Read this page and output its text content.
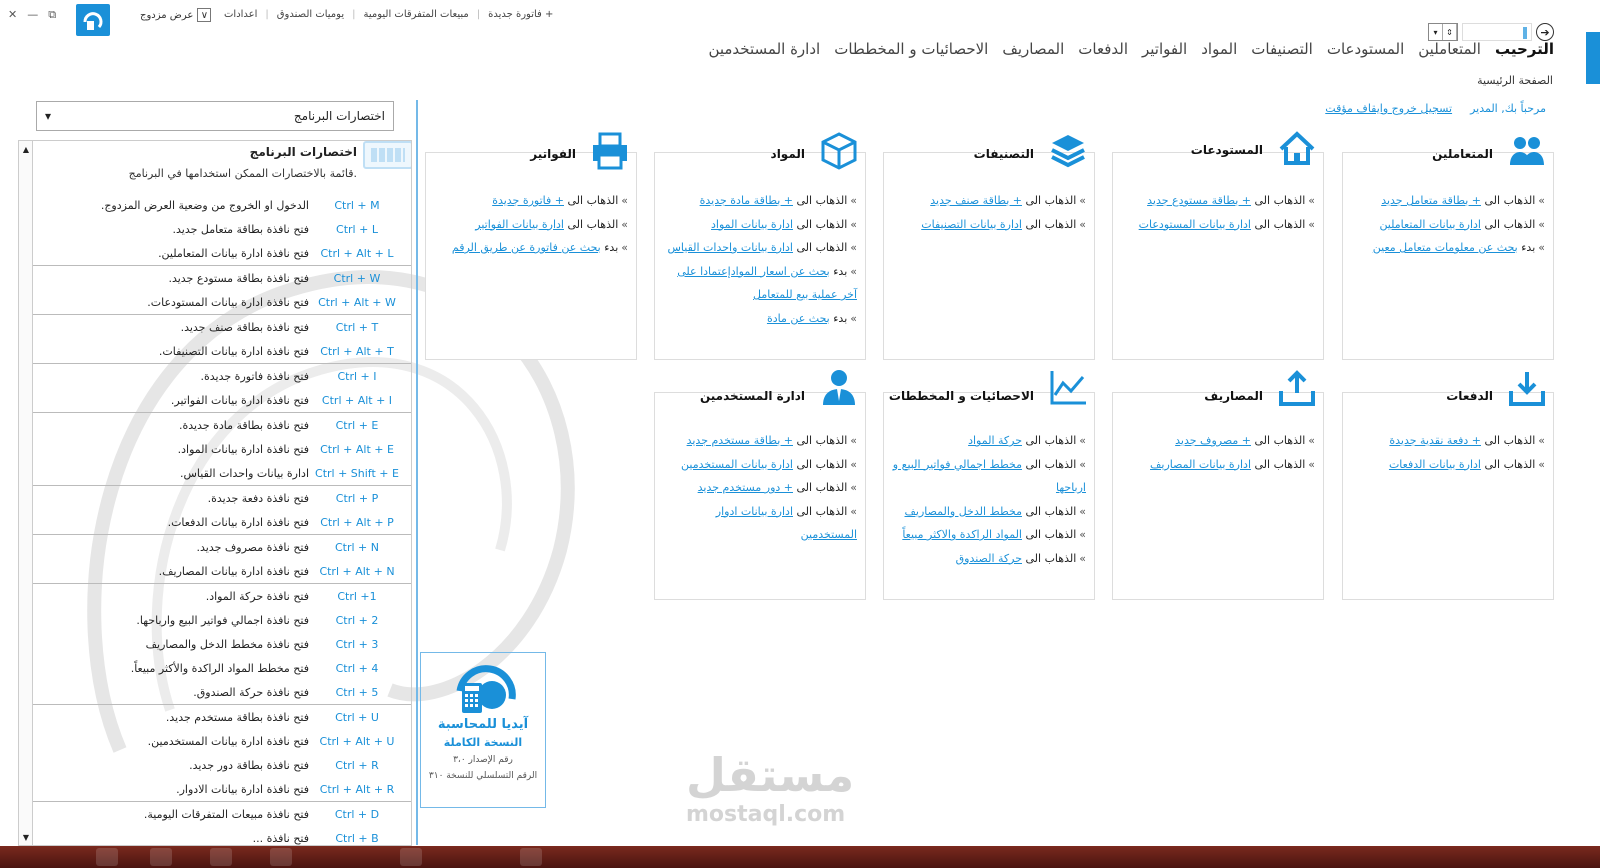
✕ — ⧉	عرض مزدوج ∨	+ فاتورة جديدة
|
مبيعات المتفرقات اليومية
|
يوميات الصندوق
|
اعدادات
▾	⇕	➔
الترحيب
المتعاملين
المستودعات
التصنيفات
المواد
الفواتير
الدفعات
المصاريف
الاحصائيات و المخططات
ادارة المستخدمين
الصفحة الرئيسية
مرحباً بك, المدير
تسجيل خروج وايقاف مؤقت
مستقل
mostaql.com
اختصارات البرنامج
▾
▲
▼
اختصارات البرنامج
قائمة بالاختصارات الممكن استخدامها في البرنامج.
الدخول او الخروج من وضعية العرض المزدوج.	Ctrl + M
فتح نافذة بطاقة متعامل جديد.	Ctrl + L
فتح نافذة ادارة بيانات المتعاملين.	Ctrl + Alt + L
فتح نافذة بطاقة مستودع جديد.	Ctrl + W
فتح نافذة ادارة بيانات المستودعات. Ctrl + Alt + W
فتح نافذة بطاقة صنف جديد.	Ctrl + T
فتح نافذة ادارة بيانات التصنيفات.	Ctrl + Alt + T
فتح نافذة فاتورة جديدة.	Ctrl + I
فتح نافذة ادارة بيانات الفواتير.	Ctrl + Alt + I
فتح نافذة بطاقة مادة جديدة.	Ctrl + E
فتح نافذة ادارة بيانات المواد.	Ctrl + Alt + E
ادارة بيانات واحدات القياس. Ctrl + Shift + E
فتح نافذة دفعة جديدة.	Ctrl + P
فتح نافذة ادارة بيانات الدفعات.	Ctrl + Alt + P
فتح نافذة مصروف جديد.	Ctrl + N
فتح نافذة ادارة بيانات المصاريف. Ctrl + Alt + N
فتح نافذة حركة المواد.	Ctrl +1
فتح نافذة اجمالي فواتير البيع وارباحها.	Ctrl + 2
فتح نافذة مخطط الدخل والمصاريف	Ctrl + 3
فتح مخطط المواد الراكدة والأكثر مبيعاً.	Ctrl + 4
فتح نافذة حركة الصندوق.	Ctrl + 5
فتح نافذة بطاقة مستخدم جديد.	Ctrl + U
فتح نافذة ادارة بيانات المستخدمين. Ctrl + Alt + U
فتح نافذة بطاقة دور جديد.	Ctrl + R
فتح نافذة ادارة بيانات الادوار. Ctrl + Alt + R
فتح نافذة مبيعات المتفرقات اليومية.	Ctrl + D
فتح نافذة ...	Ctrl + B
آيديا للمحاسبة
النسخة الكاملة
رقم الإصدار ٣،٠
الرقم التسلسلي للنسخة ٣١٠
المتعاملين
»الذهاب الى + بطاقة متعامل جديد
»الذهاب الى ادارة بيانات المتعاملين
»بدء بحث عن معلومات متعامل معين
المستودعات
»الذهاب الى + بطاقة مستودع جديد
»الذهاب الى ادارة بيانات المستودعات
التصنيفات
»الذهاب الى + بطاقة صنف جديد
»الذهاب الى ادارة بيانات التصنيفات
المواد
»الذهاب الى + بطاقة مادة جديدة
»الذهاب الى ادارة بيانات المواد
»الذهاب الى ادارة بيانات واحدات القياس
»بدء بحث عن اسعار الموادإعتمادا على آخر عملية بيع للمتعامل
»بدء بحث عن مادة
الفواتير
»الذهاب الى + فاتورة جديدة
»الذهاب الى ادارة بيانات الفواتير
»بدء بحث عن فاتورة عن طريق الرقم
الدفعات
»الذهاب الى + دفعة نقدية جديدة
»الذهاب الى ادارة بيانات الدفعات
المصاريف
»الذهاب الى + مصروف جديد
»الذهاب الى ادارة بيانات المصاريف
الاحصائيات و المخططات
»الذهاب الى حركة المواد
»الذهاب الى مخطط اجمالي فواتير البيع و ارباحها
»الذهاب الى مخطط الدخل والمصاريف
»الذهاب الى المواد الراكدة والاكثر مبيعاً
»الذهاب الى حركة الصندوق
ادارة المستخدمين
»الذهاب الى + بطاقة مستخدم جديد
»الذهاب الى ادارة بيانات المستخدمين
»الذهاب الى + دور مستخدم جديد
»الذهاب الى ادارة بيانات ادوار المستخدمين
